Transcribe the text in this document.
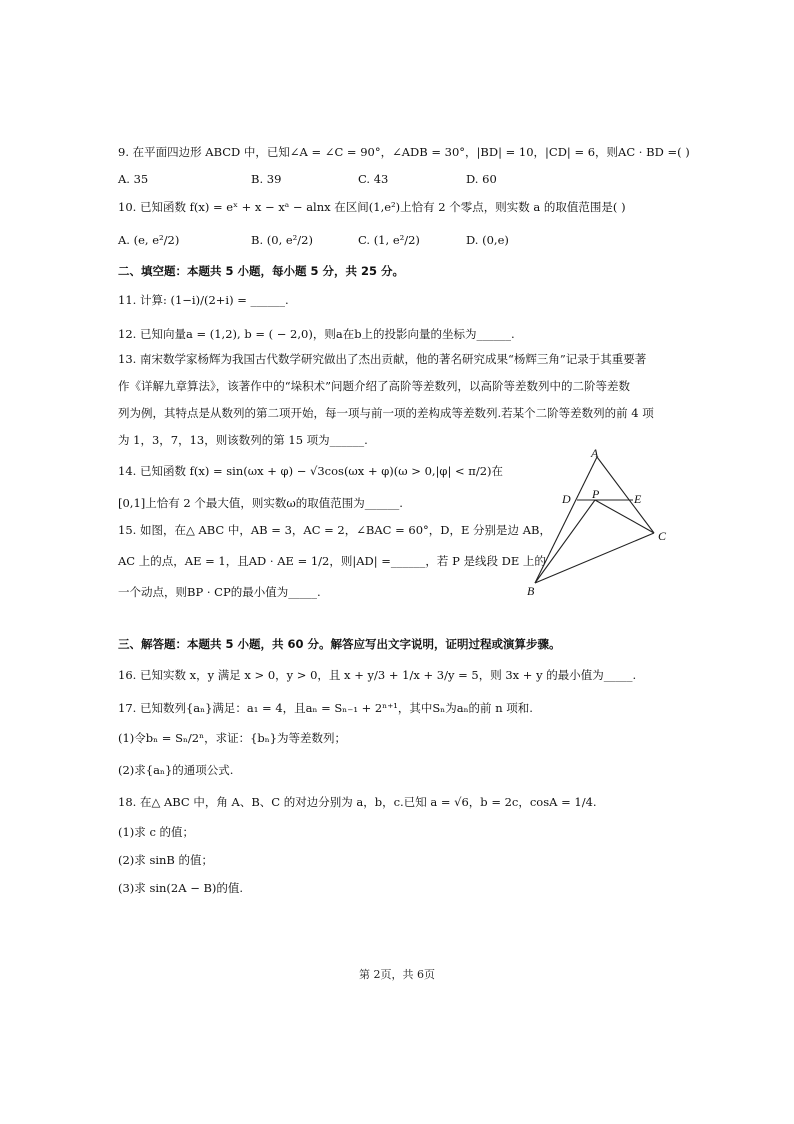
9. 在平面四边形 ABCD 中，已知∠A = ∠C = 90°，∠ADB = 30°，|BD| = 10，|CD| = 6，则AC · BD =( )
A. 35	B. 39	C. 43	D. 60
10. 已知函数 f(x) = eˣ + x − xᵃ − alnx 在区间(1,e²)上恰有 2 个零点，则实数 a 的取值范围是( )
A. (e, e²/2)	B. (0, e²/2)	C. (1, e²/2)	D. (0,e)
二、填空题：本题共 5 小题，每小题 5 分，共 25 分。
11. 计算: (1−i)/(2+i) = ______.
12. 已知向量a = (1,2), b = ( − 2,0)，则a在b上的投影向量的坐标为______.
13. 南宋数学家杨辉为我国古代数学研究做出了杰出贡献，他的著名研究成果“杨辉三角”记录于其重要著
作《详解九章算法》，该著作中的“垛积术”问题介绍了高阶等差数列，以高阶等差数列中的二阶等差数
列为例，其特点是从数列的第二项开始，每一项与前一项的差构成等差数列.若某个二阶等差数列的前 4 项
为 1，3，7，13，则该数列的第 15 项为______.
14. 已知函数 f(x) = sin(ωx + φ) − √3cos(ωx + φ)(ω > 0,|φ| < π/2)在
[0,1]上恰有 2 个最大值，则实数ω的取值范围为______.
15. 如图，在△ ABC 中，AB = 3，AC = 2，∠BAC = 60°，D，E 分别是边 AB，
AC 上的点，AE = 1，且AD · AE = 1/2，则|AD| =______，若 P 是线段 DE 上的
一个动点，则BP · CP的最小值为_____.
A
D P	E
C
B
三、解答题：本题共 5 小题，共 60 分。解答应写出文字说明，证明过程或演算步骤。
16. 已知实数 x，y 满足 x > 0，y > 0，且 x + y/3 + 1/x + 3/y = 5，则 3x + y 的最小值为_____.
17. 已知数列{aₙ}满足：a₁ = 4，且aₙ = Sₙ₋₁ + 2ⁿ⁺¹，其中Sₙ为aₙ的前 n 项和.
(1)令bₙ = Sₙ/2ⁿ，求证：{bₙ}为等差数列；
(2)求{aₙ}的通项公式.
18. 在△ ABC 中，角 A、B、C 的对边分别为 a，b，c.已知 a = √6，b = 2c，cosA = 1/4.
(1)求 c 的值；
(2)求 sinB 的值；
(3)求 sin(2A − B)的值.
第 2页，共 6页
